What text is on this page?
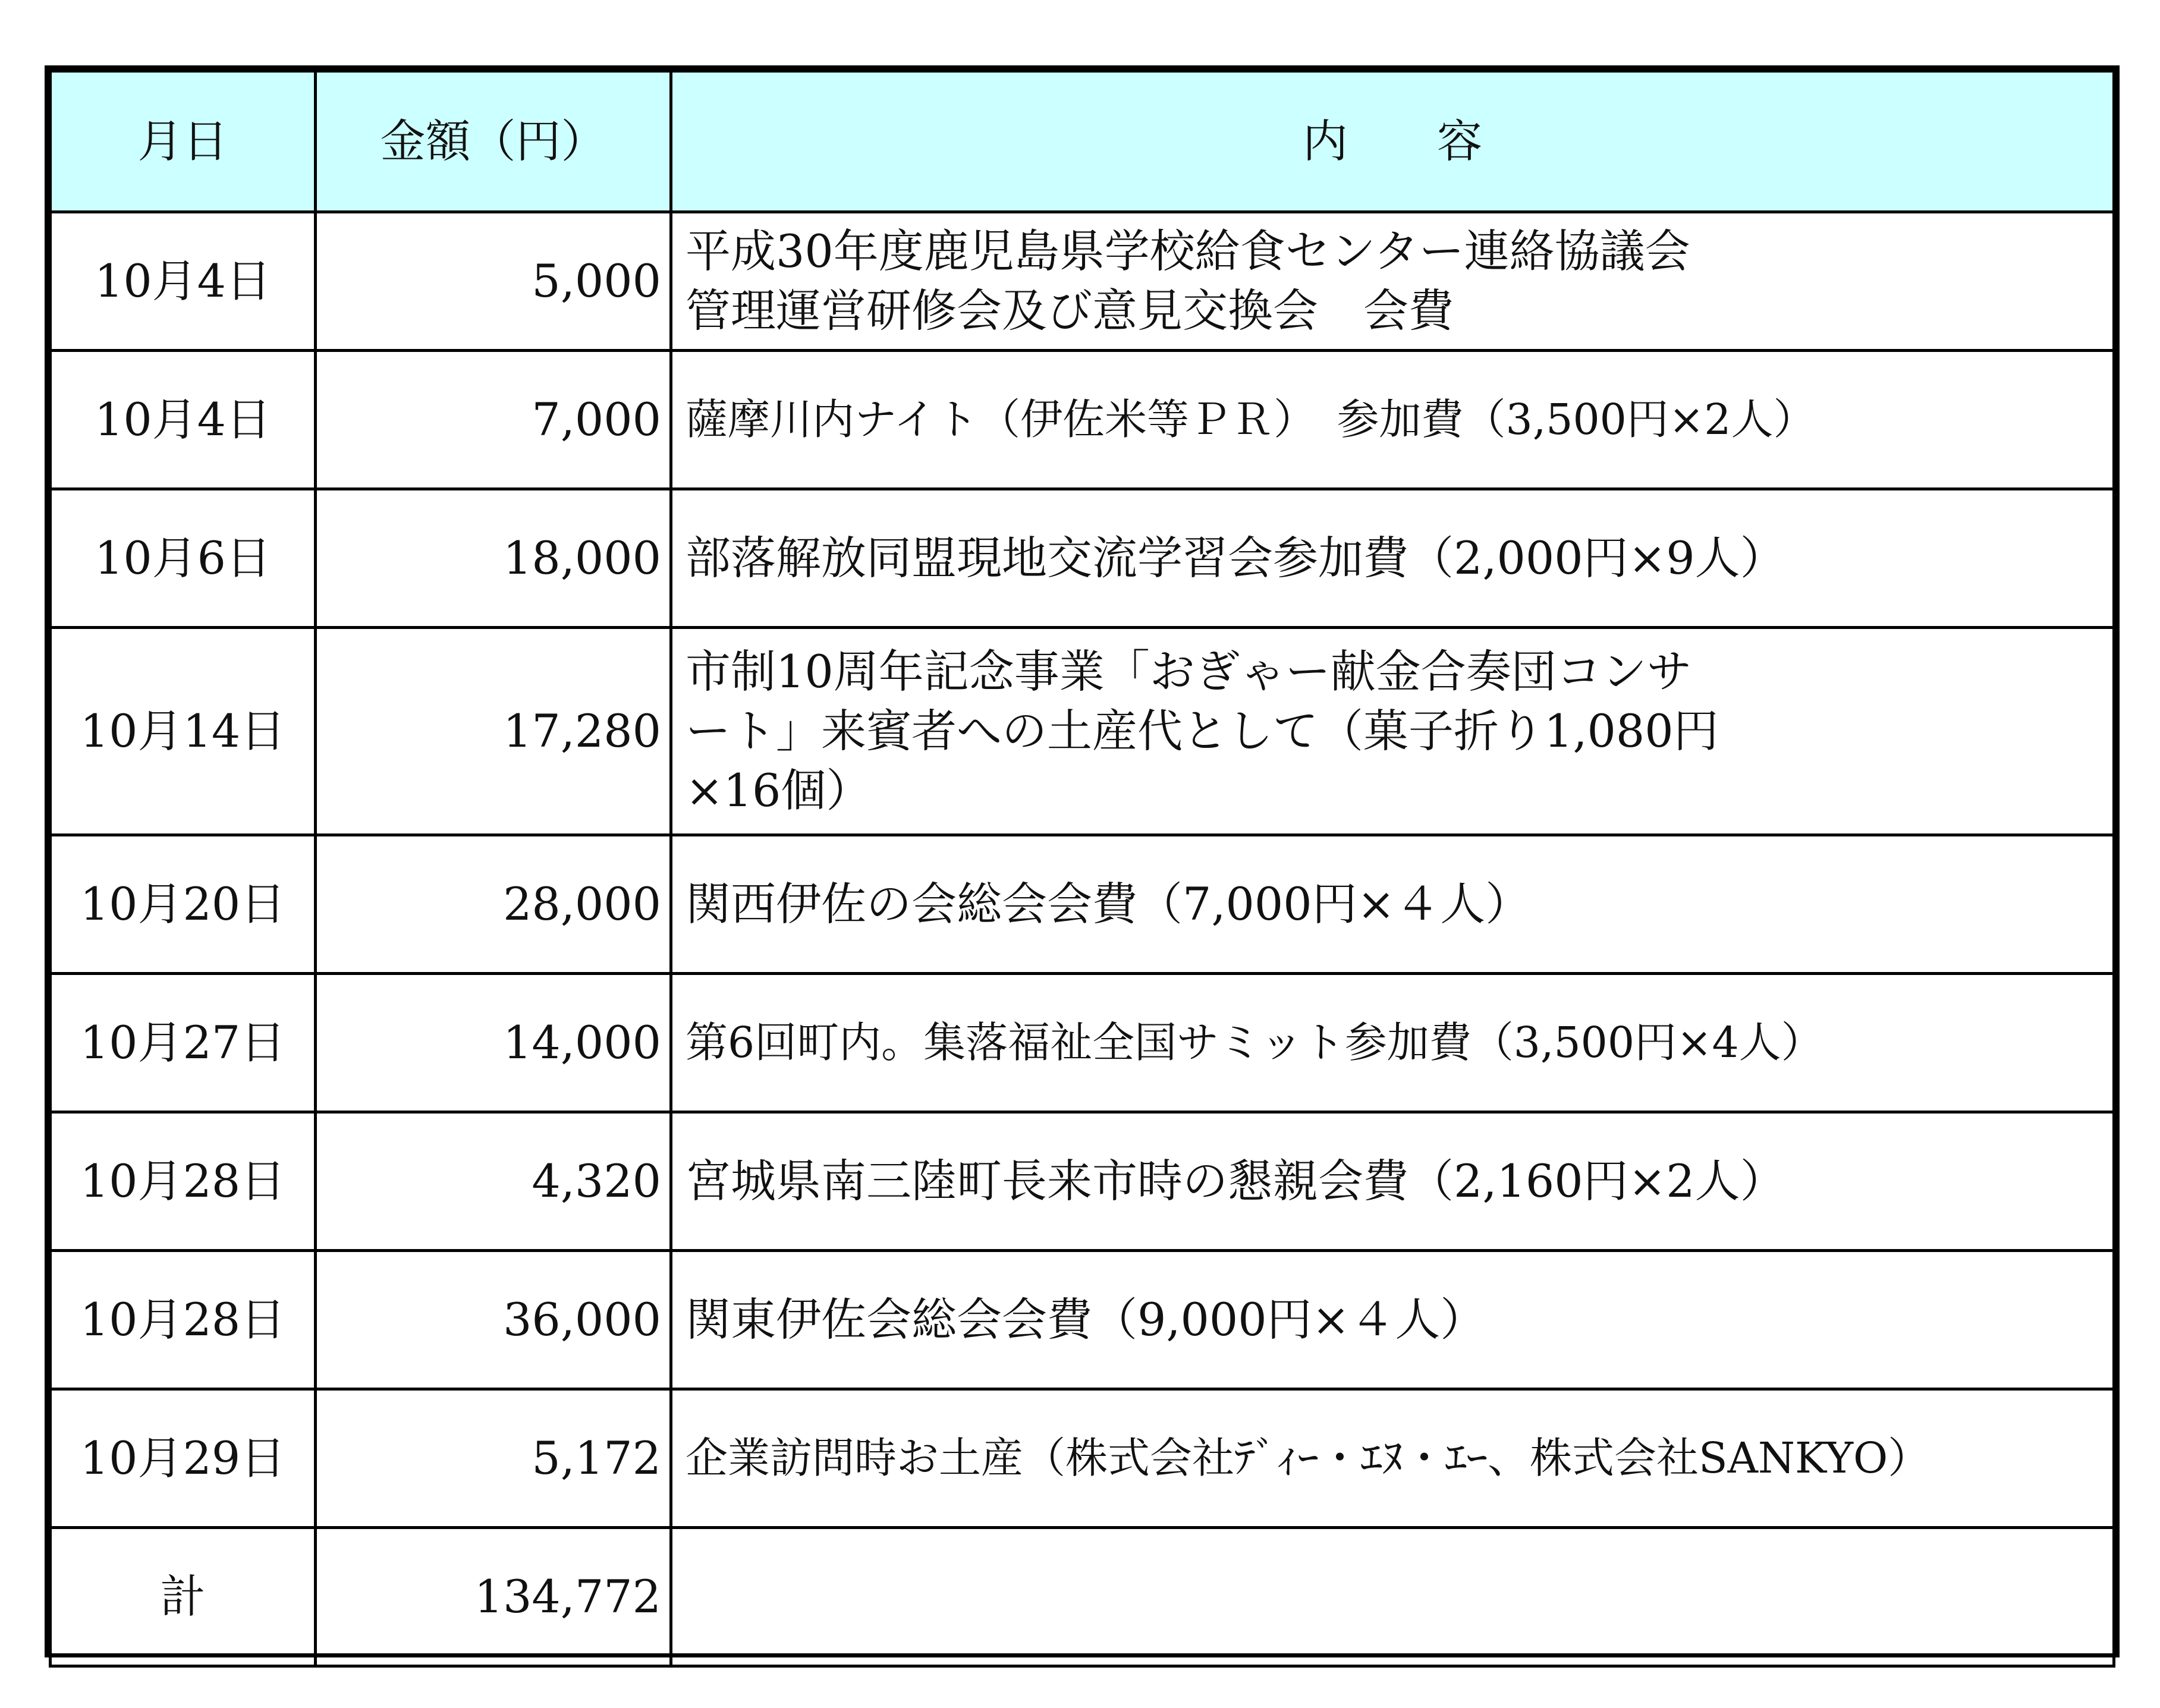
月日	金額（円）	内 容
10月4日	5,000	平成30年度鹿児島県学校給食センター連絡協議会
管理運営研修会及び意見交換会　会費
10月4日	7,000	薩摩川内ナイト（伊佐米等ＰＲ）　参加費（3,500円×2人）
10月6日	18,000	部落解放同盟現地交流学習会参加費（2,000円×9人）
10月14日	17,280	市制10周年記念事業「おぎゃー献金合奏団コンサ
ート」来賓者への土産代として（菓子折り1,080円
×16個）
10月20日	28,000	関西伊佐の会総会会費（7,000円×４人）
10月27日	14,000	第6回町内。集落福祉全国サミット参加費（3,500円×4人）
10月28日	4,320	宮城県南三陸町長来市時の懇親会費（2,160円×2人）
10月28日	36,000	関東伊佐会総会会費（9,000円×４人）
10月29日	5,172	企業訪問時お土産（株式会社ﾃﾞｨｰ・ｴﾇ・ｴｰ、株式会社SANKYO）
計	134,772	
